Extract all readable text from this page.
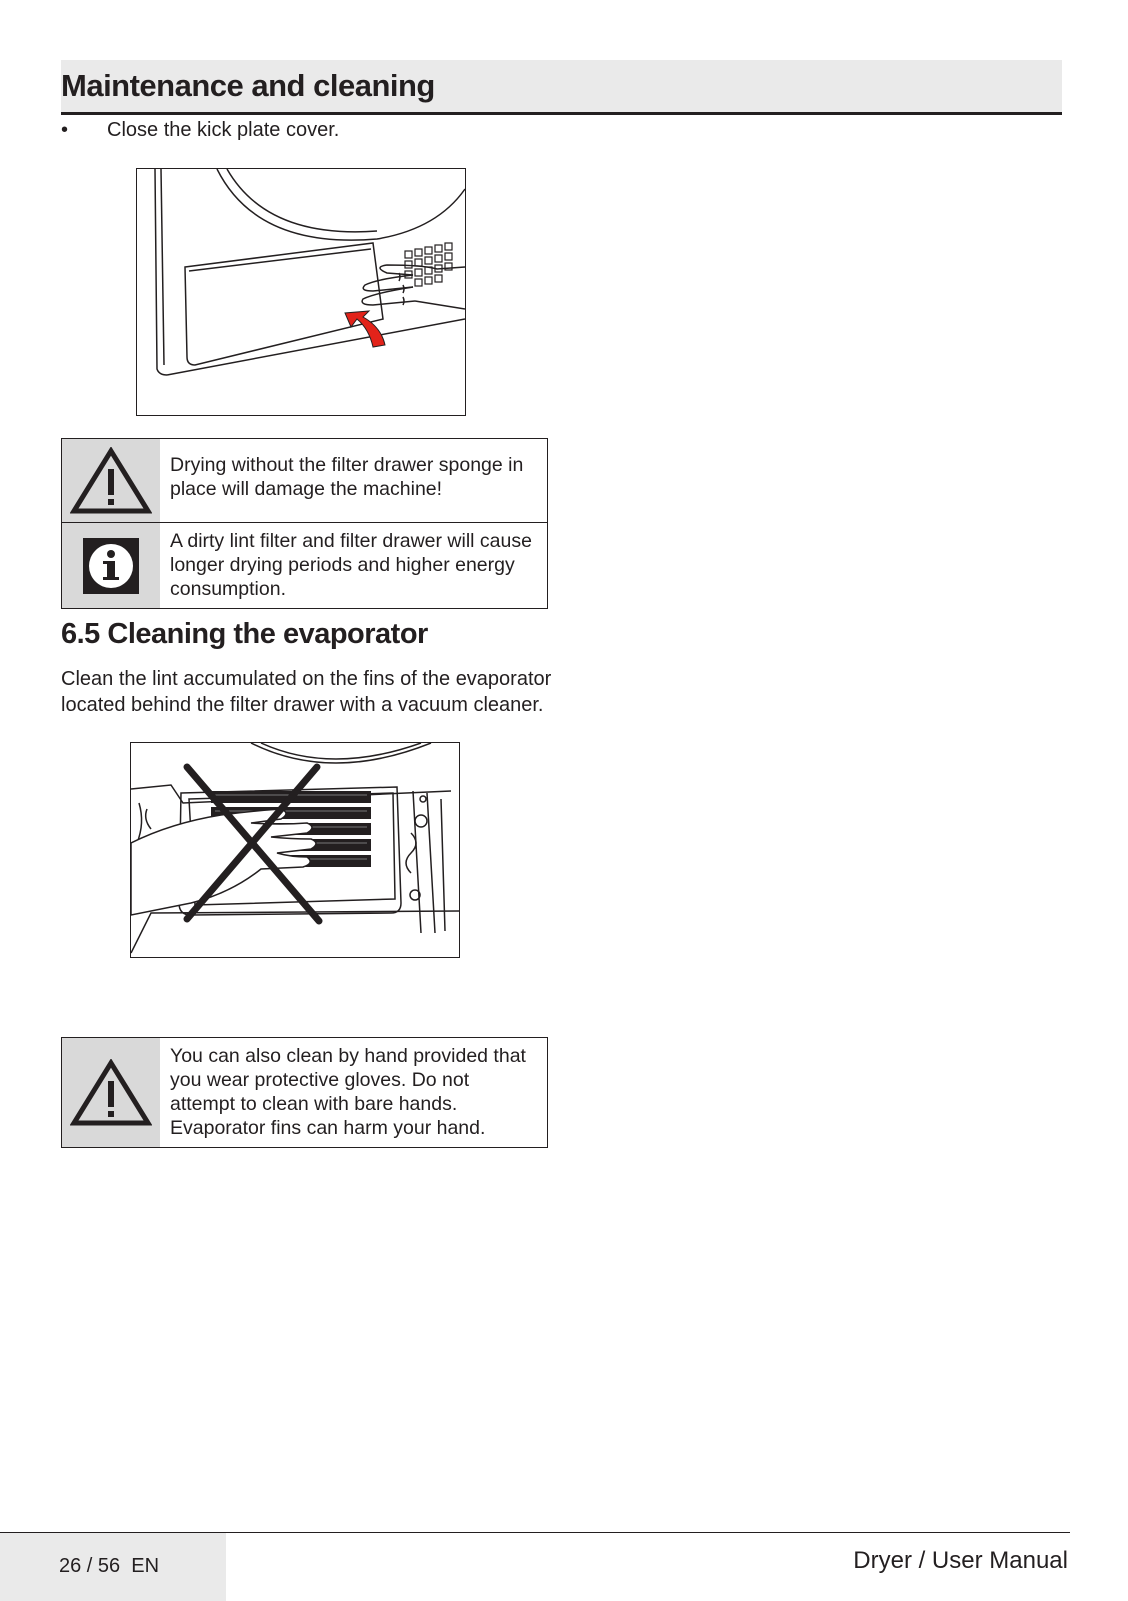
Maintenance and cleaning
• Close the kick plate cover.
Drying without the filter drawer sponge in place will damage the machine!
A dirty lint filter and filter drawer will cause longer drying periods and higher energy consumption.
6.5 Cleaning the evaporator

Clean the lint accumulated on the fins of the evaporator located behind the filter drawer with a vacuum cleaner.

You can also clean by hand provided that you wear protective gloves. Do not attempt to clean with bare hands. Evaporator fins can harm your hand.
26 / 56  EN	Dryer / User Manual
